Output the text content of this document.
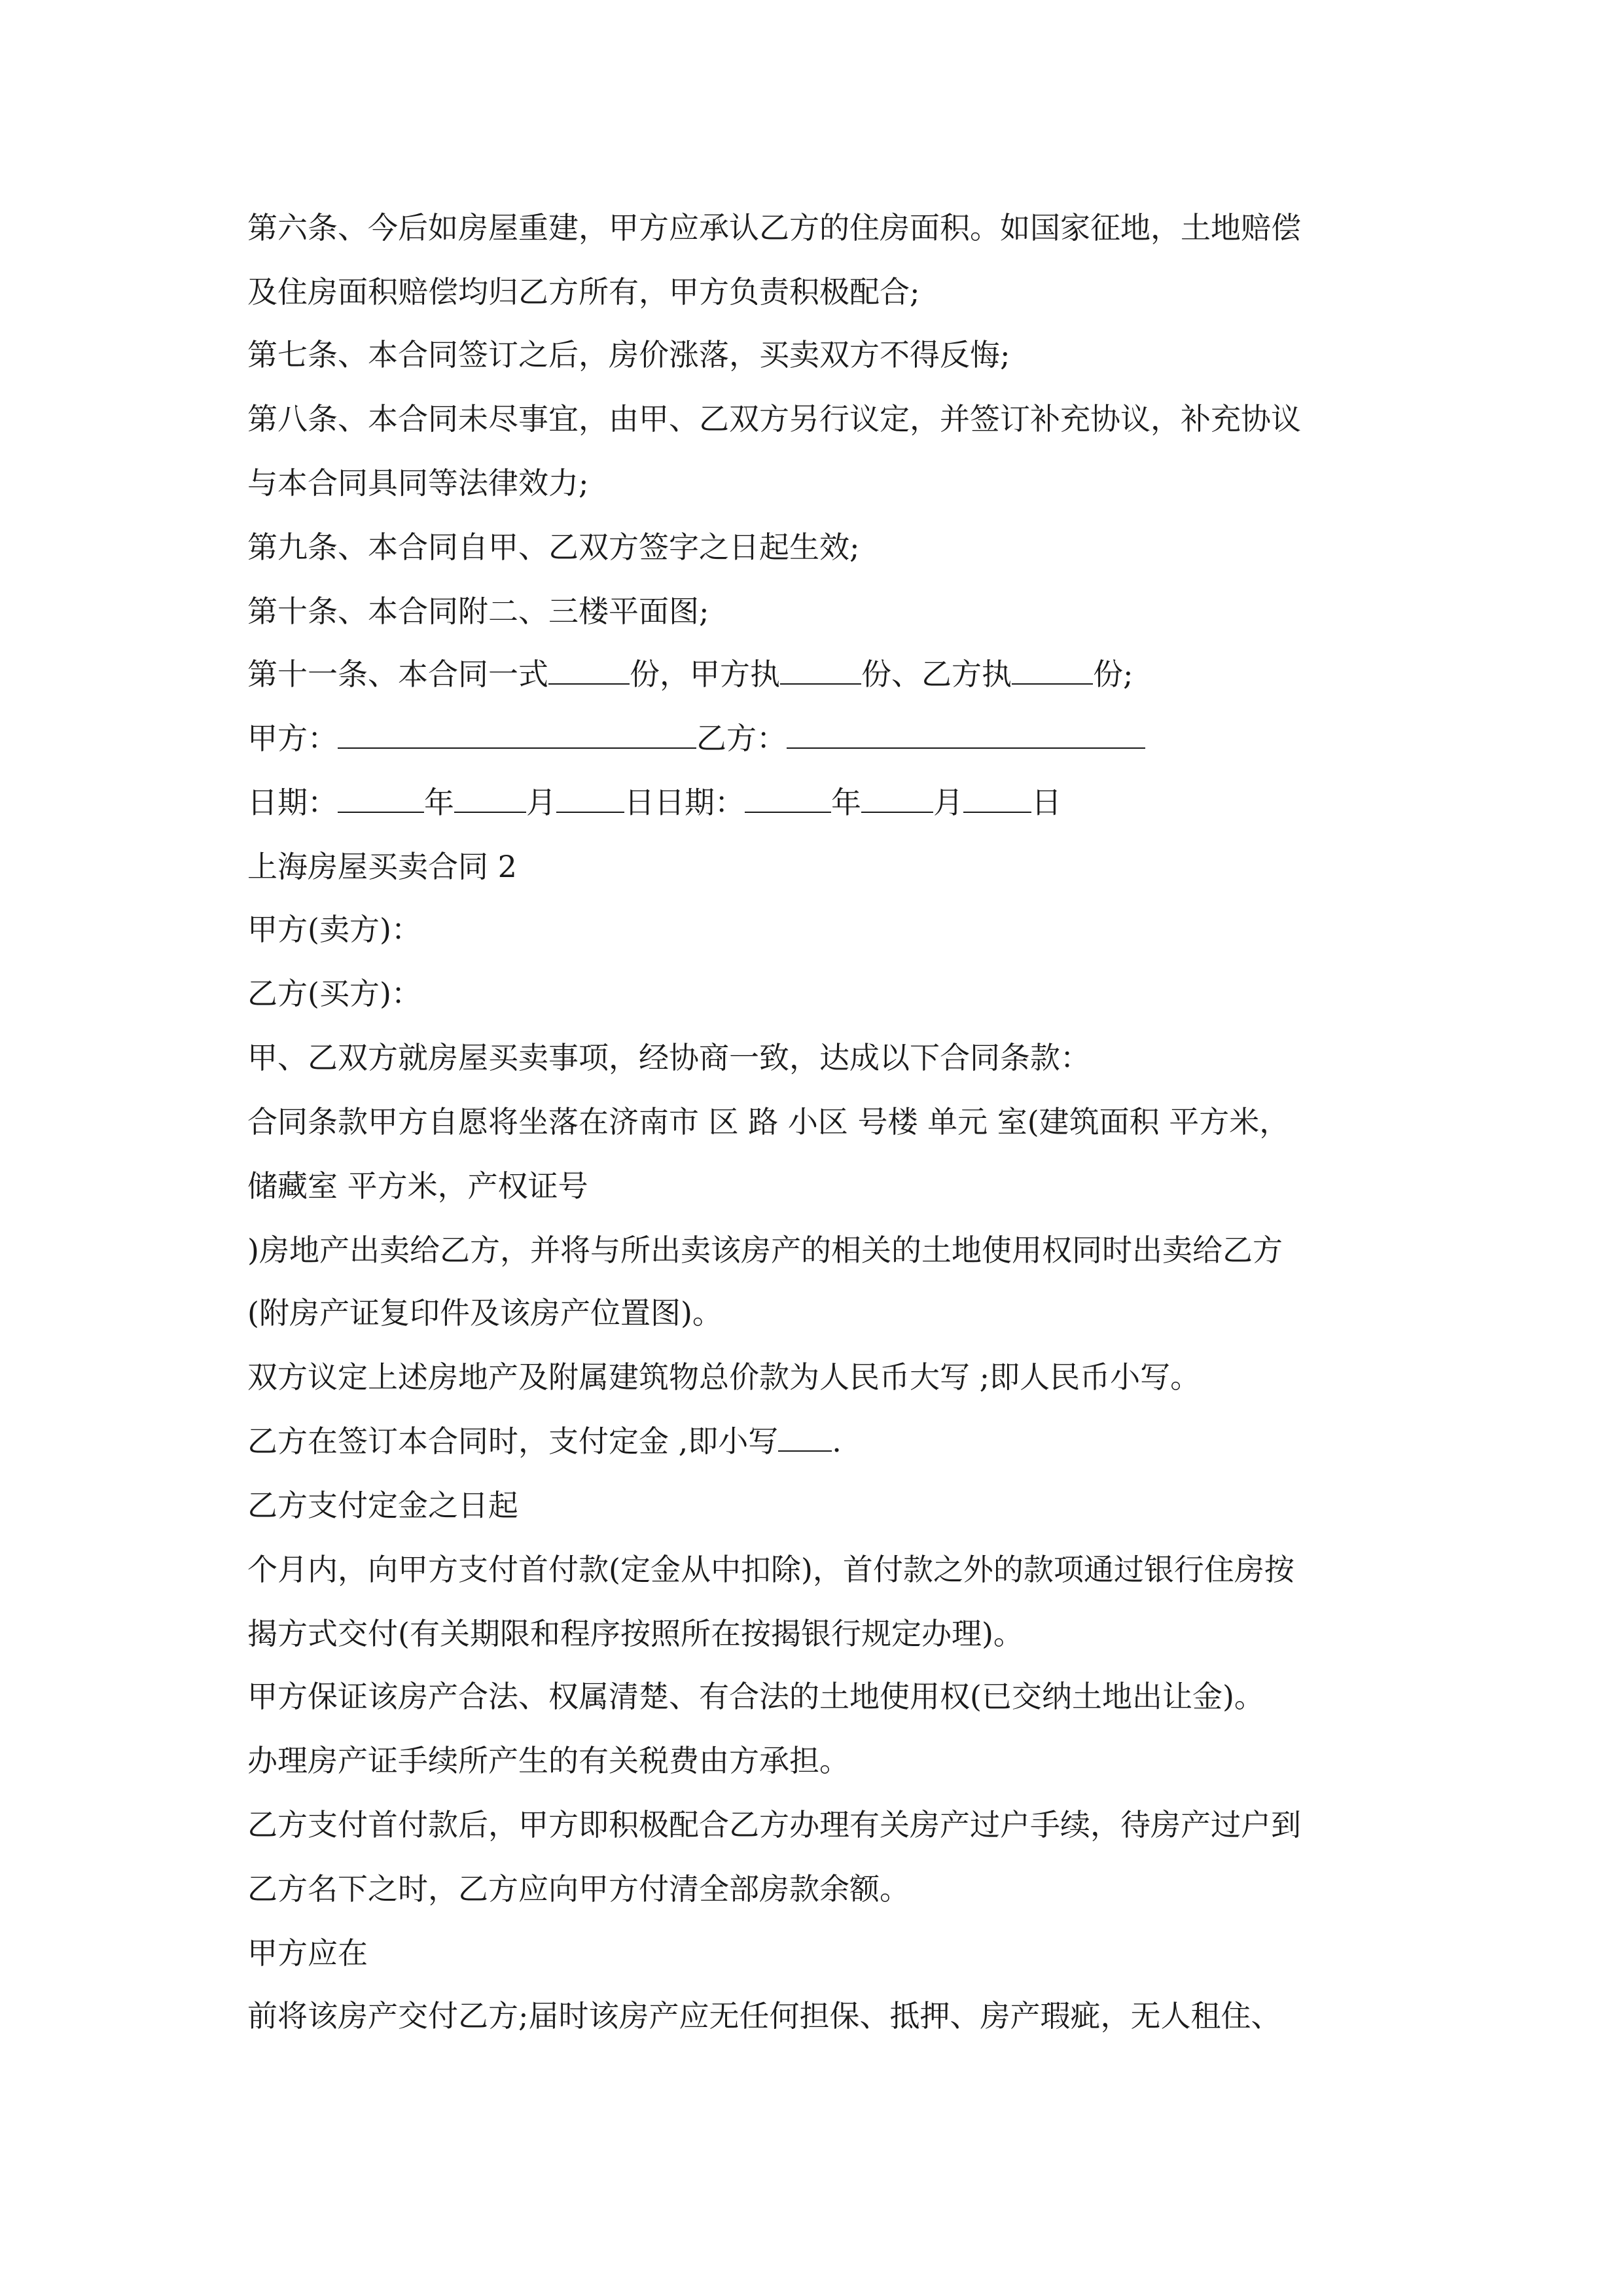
第六条、今后如房屋重建，甲方应承认乙方的住房面积。如国家征地，土地赔偿
及住房面积赔偿均归乙方所有，甲方负责积极配合;
第七条、本合同签订之后，房价涨落，买卖双方不得反悔;
第八条、本合同未尽事宜，由甲、乙双方另行议定，并签订补充协议，补充协议
与本合同具同等法律效力;
第九条、本合同自甲、乙双方签字之日起生效;
第十条、本合同附二、三楼平面图;
第十一条、本合同一式	份，甲方执	份、乙方执	份;
甲方：	乙方：
日期：	年 月 日日期：	年 月 日
上海房屋买卖合同 2
甲方(卖方)：
乙方(买方)：
甲、乙双方就房屋买卖事项，经协商一致，达成以下合同条款：
合同条款甲方自愿将坐落在济南市 区 路 小区 号楼 单元 室(建筑面积 平方米，
储藏室 平方米，产权证号
)房地产出卖给乙方，并将与所出卖该房产的相关的土地使用权同时出卖给乙方
(附房产证复印件及该房产位置图)。
双方议定上述房地产及附属建筑物总价款为人民币大写 ;即人民币小写。
乙方在签订本合同时，支付定金 ,即小写 .
乙方支付定金之日起
个月内，向甲方支付首付款(定金从中扣除)，首付款之外的款项通过银行住房按
揭方式交付(有关期限和程序按照所在按揭银行规定办理)。
甲方保证该房产合法、权属清楚、有合法的土地使用权(已交纳土地出让金)。
办理房产证手续所产生的有关税费由方承担。
乙方支付首付款后，甲方即积极配合乙方办理有关房产过户手续，待房产过户到
乙方名下之时，乙方应向甲方付清全部房款余额。
甲方应在
前将该房产交付乙方;届时该房产应无任何担保、抵押、房产瑕疵，无人租住、
